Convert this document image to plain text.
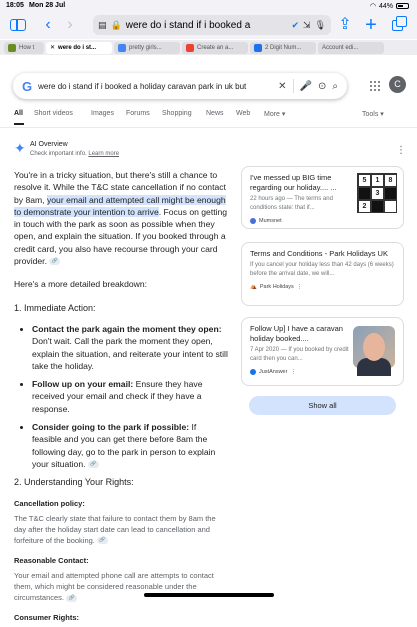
18:05 Mon 28 Jul	◠ 44%
‹ ›	▤ 🔒 were do i stand if i booked a	✔ ⇲ 🎙 ⇪ +
How t	✕ were do i st...	pretty girls...	Create an a...	2 Digit Num...	Account edi...
G were do i stand if i booked a holiday caravan park in uk but	✕ 🎤 ⊙ ⌕	C
All Short videos	Images Forums Shopping News Web More ▾	Tools ▾
✦ AI Overview
Check important info. Learn more	⋮

You're in a tricky situation, but there's still a chance to resolve it. While the T&C state cancellation if no contact by 8am, your email and attempted call might be enough to demonstrate your intention to arrive. Focus on getting in touch with the park as soon as possible when they open, and explain the situation. If you booked through a credit card, you also have recourse through your card provider. 🔗

Here's a more detailed breakdown:

1. Immediate Action:
• Contact the park again the moment they open: Don't wait. Call the park the moment they open, explain the situation, and reiterate your intent to still take the holiday.
• Follow up on your email: Ensure they have received your email and check if they have a response.
• Consider going to the park if possible: If feasible and you can get there before 8am the following day, go to the park in person to explain your situation. 🔗
2. Understanding Your Rights:
Cancellation policy:
The T&C clearly state that failure to contact them by 8am the day after the holiday start date can lead to cancellation and forfeiture of the booking. 🔗
Reasonable Contact:
Your email and attempted phone call are attempts to contact them, which might be considered reasonable under the circumstances. 🔗
Consumer Rights:
I've messed up BIG time regarding our holiday.... ...
22 hours ago — The terms and conditions state: that if...
Mumsnet
5	1	8
3
2
Terms and Conditions - Park Holidays UK
If you cancel your holiday less than 42 days (6 weeks) before the arrival date, we will...
⛺ Park Holidays ⋮
Follow Up] I have a caravan holiday booked....
7 Apr 2020 — If you booked by credit card then you can...
JustAnswer ⋮
Show all
